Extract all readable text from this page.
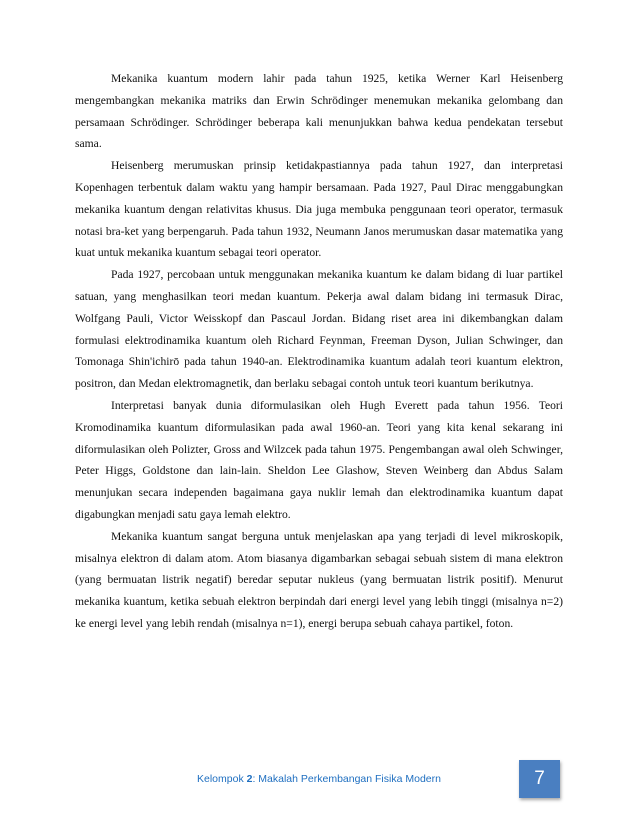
Mekanika kuantum modern lahir pada tahun 1925, ketika Werner Karl Heisenberg mengembangkan mekanika matriks dan Erwin Schrödinger menemukan mekanika gelombang dan persamaan Schrödinger. Schrödinger beberapa kali menunjukkan bahwa kedua pendekatan tersebut sama.

Heisenberg merumuskan prinsip ketidakpastiannya pada tahun 1927, dan interpretasi Kopenhagen terbentuk dalam waktu yang hampir bersamaan. Pada 1927, Paul Dirac menggabungkan mekanika kuantum dengan relativitas khusus. Dia juga membuka penggunaan teori operator, termasuk notasi bra-ket yang berpengaruh. Pada tahun 1932, Neumann Janos merumuskan dasar matematika yang kuat untuk mekanika kuantum sebagai teori operator.

Pada 1927, percobaan untuk menggunakan mekanika kuantum ke dalam bidang di luar partikel satuan, yang menghasilkan teori medan kuantum. Pekerja awal dalam bidang ini termasuk Dirac, Wolfgang Pauli, Victor Weisskopf dan Pascaul Jordan. Bidang riset area ini dikembangkan dalam formulasi elektrodinamika kuantum oleh Richard Feynman, Freeman Dyson, Julian Schwinger, dan Tomonaga Shin'ichirō pada tahun 1940-an. Elektrodinamika kuantum adalah teori kuantum elektron, positron, dan Medan elektromagnetik, dan berlaku sebagai contoh untuk teori kuantum berikutnya.

Interpretasi banyak dunia diformulasikan oleh Hugh Everett pada tahun 1956. Teori Kromodinamika kuantum diformulasikan pada awal 1960-an. Teori yang kita kenal sekarang ini diformulasikan oleh Polizter, Gross and Wilzcek pada tahun 1975. Pengembangan awal oleh Schwinger, Peter Higgs, Goldstone dan lain-lain. Sheldon Lee Glashow, Steven Weinberg dan Abdus Salam menunjukan secara independen bagaimana gaya nuklir lemah dan elektrodinamika kuantum dapat digabungkan menjadi satu gaya lemah elektro.

Mekanika kuantum sangat berguna untuk menjelaskan apa yang terjadi di level mikroskopik, misalnya elektron di dalam atom. Atom biasanya digambarkan sebagai sebuah sistem di mana elektron (yang bermuatan listrik negatif) beredar seputar nukleus (yang bermuatan listrik positif). Menurut mekanika kuantum, ketika sebuah elektron berpindah dari energi level yang lebih tinggi (misalnya n=2) ke energi level yang lebih rendah (misalnya n=1), energi berupa sebuah cahaya partikel, foton.

Kelompok 2: Makalah Perkembangan Fisika Modern	7
